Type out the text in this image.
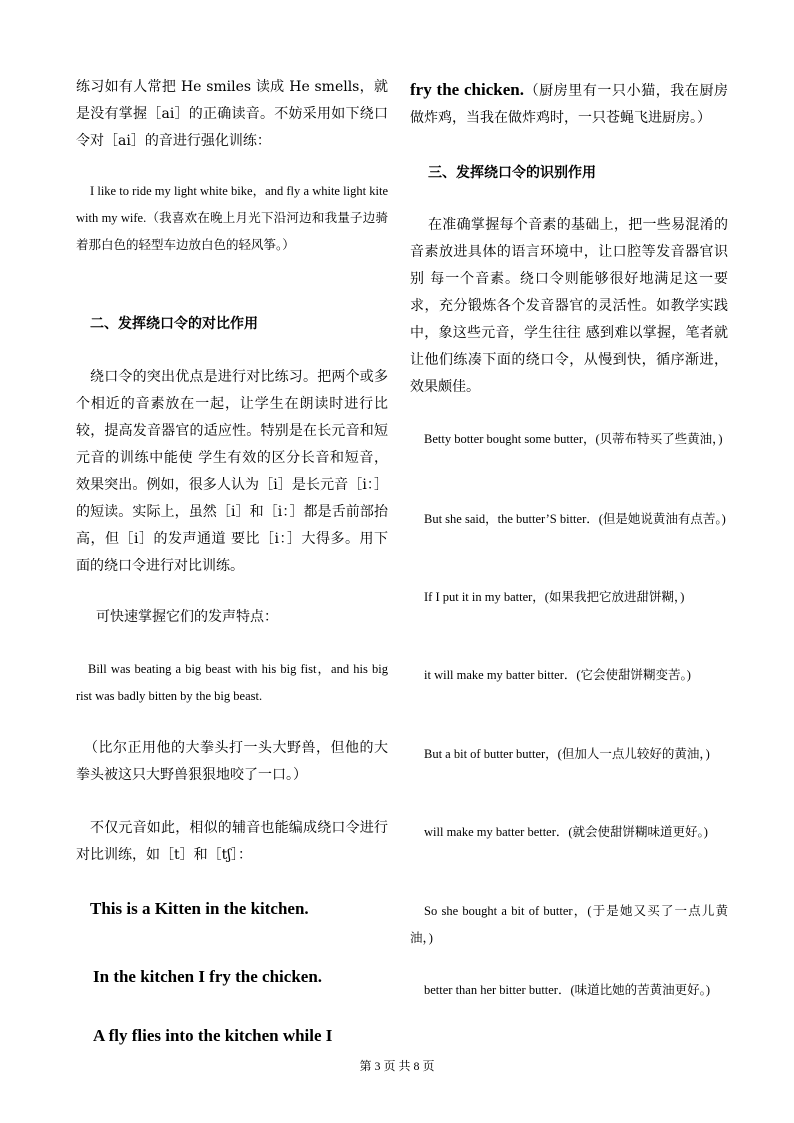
练习如有人常把 He smiles 读成 He smells，就是没有掌握［ai］的正确读音。不妨采用如下绕口令对［ai］的音进行强化训练：

I like to ride my light white bike，and fly a white light kite with my wife.（我喜欢在晚上月光下沿河边和我量子边骑着那白色的轻型车边放白色的轻风筝。）

二、发挥绕口令的对比作用

绕口令的突出优点是进行对比练习。把两个或多个相近的音素放在一起，让学生在朗读时进行比较，提高发音器官的适应性。特别是在长元音和短元音的训练中能使 学生有效的区分长音和短音，效果突出。例如，很多人认为［i］是长元音［i：］的短读。实际上，虽然［i］和［i：］都是舌前部抬高，但［i］的发声通道 要比［i：］大得多。用下面的绕口令进行对比训练。

可快速掌握它们的发声特点：

Bill was beating a big beast with his big fist，and his big rist was badly bitten by the big beast.

（比尔正用他的大拳头打一头大野兽，但他的大拳头被这只大野兽狠狠地咬了一口。）

不仅元音如此，相似的辅音也能编成绕口令进行对比训练，如［t］和［tʃ］：

This is a Kitten in the kitchen.

In the kitchen I fry the chicken.

A fly flies into the kitchen while I

fry the chicken.（厨房里有一只小猫，我在厨房做炸鸡，当我在做炸鸡时，一只苍蝇飞进厨房。）

三、发挥绕口令的识别作用

在准确掌握每个音素的基础上，把一些易混淆的音素放进具体的语言环境中，让口腔等发音器官识别 每一个音素。绕口令则能够很好地满足这一要求，充分锻炼各个发音器官的灵活性。如教学实践中，象这些元音，学生往往 感到难以掌握，笔者就让他们练凑下面的绕口令，从慢到快，循序渐进，效果颇佳。

Betty botter bought some butter，(贝蒂布特买了些黄油，)

But she said，the butter’S bitter．(但是她说黄油有点苦。)

If I put it in my batter，(如果我把它放进甜饼糊，)

it will make my batter bitter．(它会使甜饼糊变苦。)

But a bit of butter butter，(但加人一点儿较好的黄油，)

will make my batter better．(就会使甜饼糊味道更好。)

So she bought a bit of butter，(于是她又买了一点儿黄油，)

better than her bitter butter．(味道比她的苦黄油更好。)

第 3 页 共 8 页
